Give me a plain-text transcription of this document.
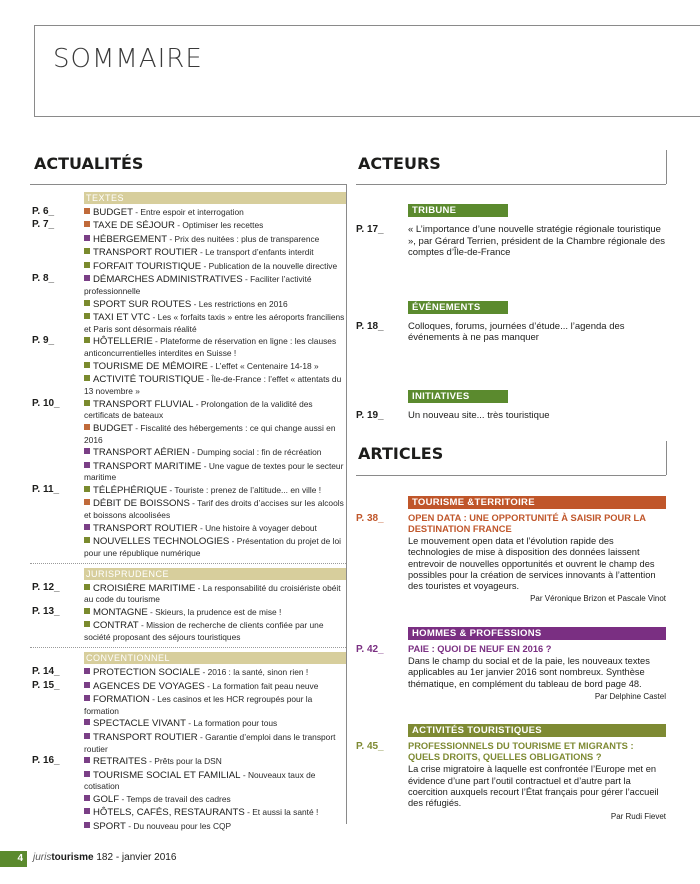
SOMMAIRE
ACTUALITÉS	ACTEURS
ARTICLES
TEXTES
P. 6_	BUDGET - Entre espoir et interrogation
P. 7_	TAXE DE SÉJOUR - Optimiser les recettes
HÉBERGEMENT - Prix des nuitées : plus de transparence
TRANSPORT ROUTIER - Le transport d’enfants interdit
FORFAIT TOURISTIQUE - Publication de la nouvelle directive
P. 8_	DÉMARCHES ADMINISTRATIVES - Faciliter l’activité professionnelle
SPORT SUR ROUTES - Les restrictions en 2016
TAXI ET VTC - Les « forfaits taxis » entre les aéroports franciliens et Paris sont désormais réalité
P. 9_	HÔTELLERIE - Plateforme de réservation en ligne : les clauses anticoncurrentielles interdites en Suisse !
TOURISME DE MÉMOIRE - L’effet « Centenaire 14-18 »
ACTIVITÉ TOURISTIQUE - Île-de-France : l’effet « attentats du 13 novembre »
P. 10_	TRANSPORT FLUVIAL - Prolongation de la validité des certificats de bateaux
BUDGET - Fiscalité des hébergements : ce qui change aussi en 2016
TRANSPORT AÉRIEN - Dumping social : fin de récréation
TRANSPORT MARITIME - Une vague de textes pour le secteur maritime
P. 11_	TÉLÉPHÉRIQUE - Touriste : prenez de l’altitude... en ville !
DÉBIT DE BOISSONS - Tarif des droits d’accises sur les alcools et boissons alcoolisées
TRANSPORT ROUTIER - Une histoire à voyager debout
NOUVELLES TECHNOLOGIES - Présentation du projet de loi pour une république numérique
JURISPRUDENCE
P. 12_	CROISIÈRE MARITIME - La responsabilité du croisiériste obéit au code du tourisme
P. 13_	MONTAGNE - Skieurs, la prudence est de mise !
CONTRAT - Mission de recherche de clients confiée par une société proposant des séjours touristiques
CONVENTIONNEL
P. 14_	PROTECTION SOCIALE - 2016 : la santé, sinon rien !
P. 15_	AGENCES DE VOYAGES - La formation fait peau neuve
FORMATION - Les casinos et les HCR regroupés pour la formation
SPECTACLE VIVANT - La formation pour tous
TRANSPORT ROUTIER - Garantie d’emploi dans le transport routier
P. 16_	RETRAITES - Prêts pour la DSN
TOURISME SOCIAL ET FAMILIAL - Nouveaux taux de cotisation
GOLF - Temps de travail des cadres
HÔTELS, CAFÉS, RESTAURANTS - Et aussi la santé !
SPORT - Du nouveau pour les CQP
TRIBUNE
P. 17_	« L’importance d’une nouvelle stratégie régionale touristique », par Gérard Terrien, président de la Chambre régionale des comptes d’Île-de-France
ÉVÉNEMENTS
P. 18_	Colloques, forums, journées d’étude... l’agenda des événements à ne pas manquer
INITIATIVES
P. 19_	Un nouveau site... très touristique
TOURISME &TERRITOIRE
P. 38_	OPEN DATA : UNE OPPORTUNITÉ À SAISIR POUR LA DESTINATION FRANCE
Le mouvement open data et l’évolution rapide des technologies de mise à disposition des données laissent entrevoir de nouvelles opportunités et ouvrent le champ des possibles pour la création de services innovants à l’attention des touristes et voyageurs.
Par Véronique Brizon et Pascale Vinot
HOMMES & PROFESSIONS
P. 42_	PAIE : QUOI DE NEUF EN 2016 ?
Dans le champ du social et de la paie, les nouveaux textes applicables au 1er janvier 2016 sont nombreux. Synthèse thématique, en complément du tableau de bord page 48.
Par Delphine Castel
ACTIVITÉS TOURISTIQUES
P. 45_	PROFESSIONNELS DU TOURISME ET MIGRANTS : QUELS DROITS, QUELLES OBLIGATIONS ?
La crise migratoire à laquelle est confrontée l’Europe met en évidence d’une part l’outil contractuel et d’autre part la coercition auxquels recourt l’État français pour gérer l’accueil des réfugiés.
Par Rudi Fievet
4	juristourisme 182 - janvier 2016
